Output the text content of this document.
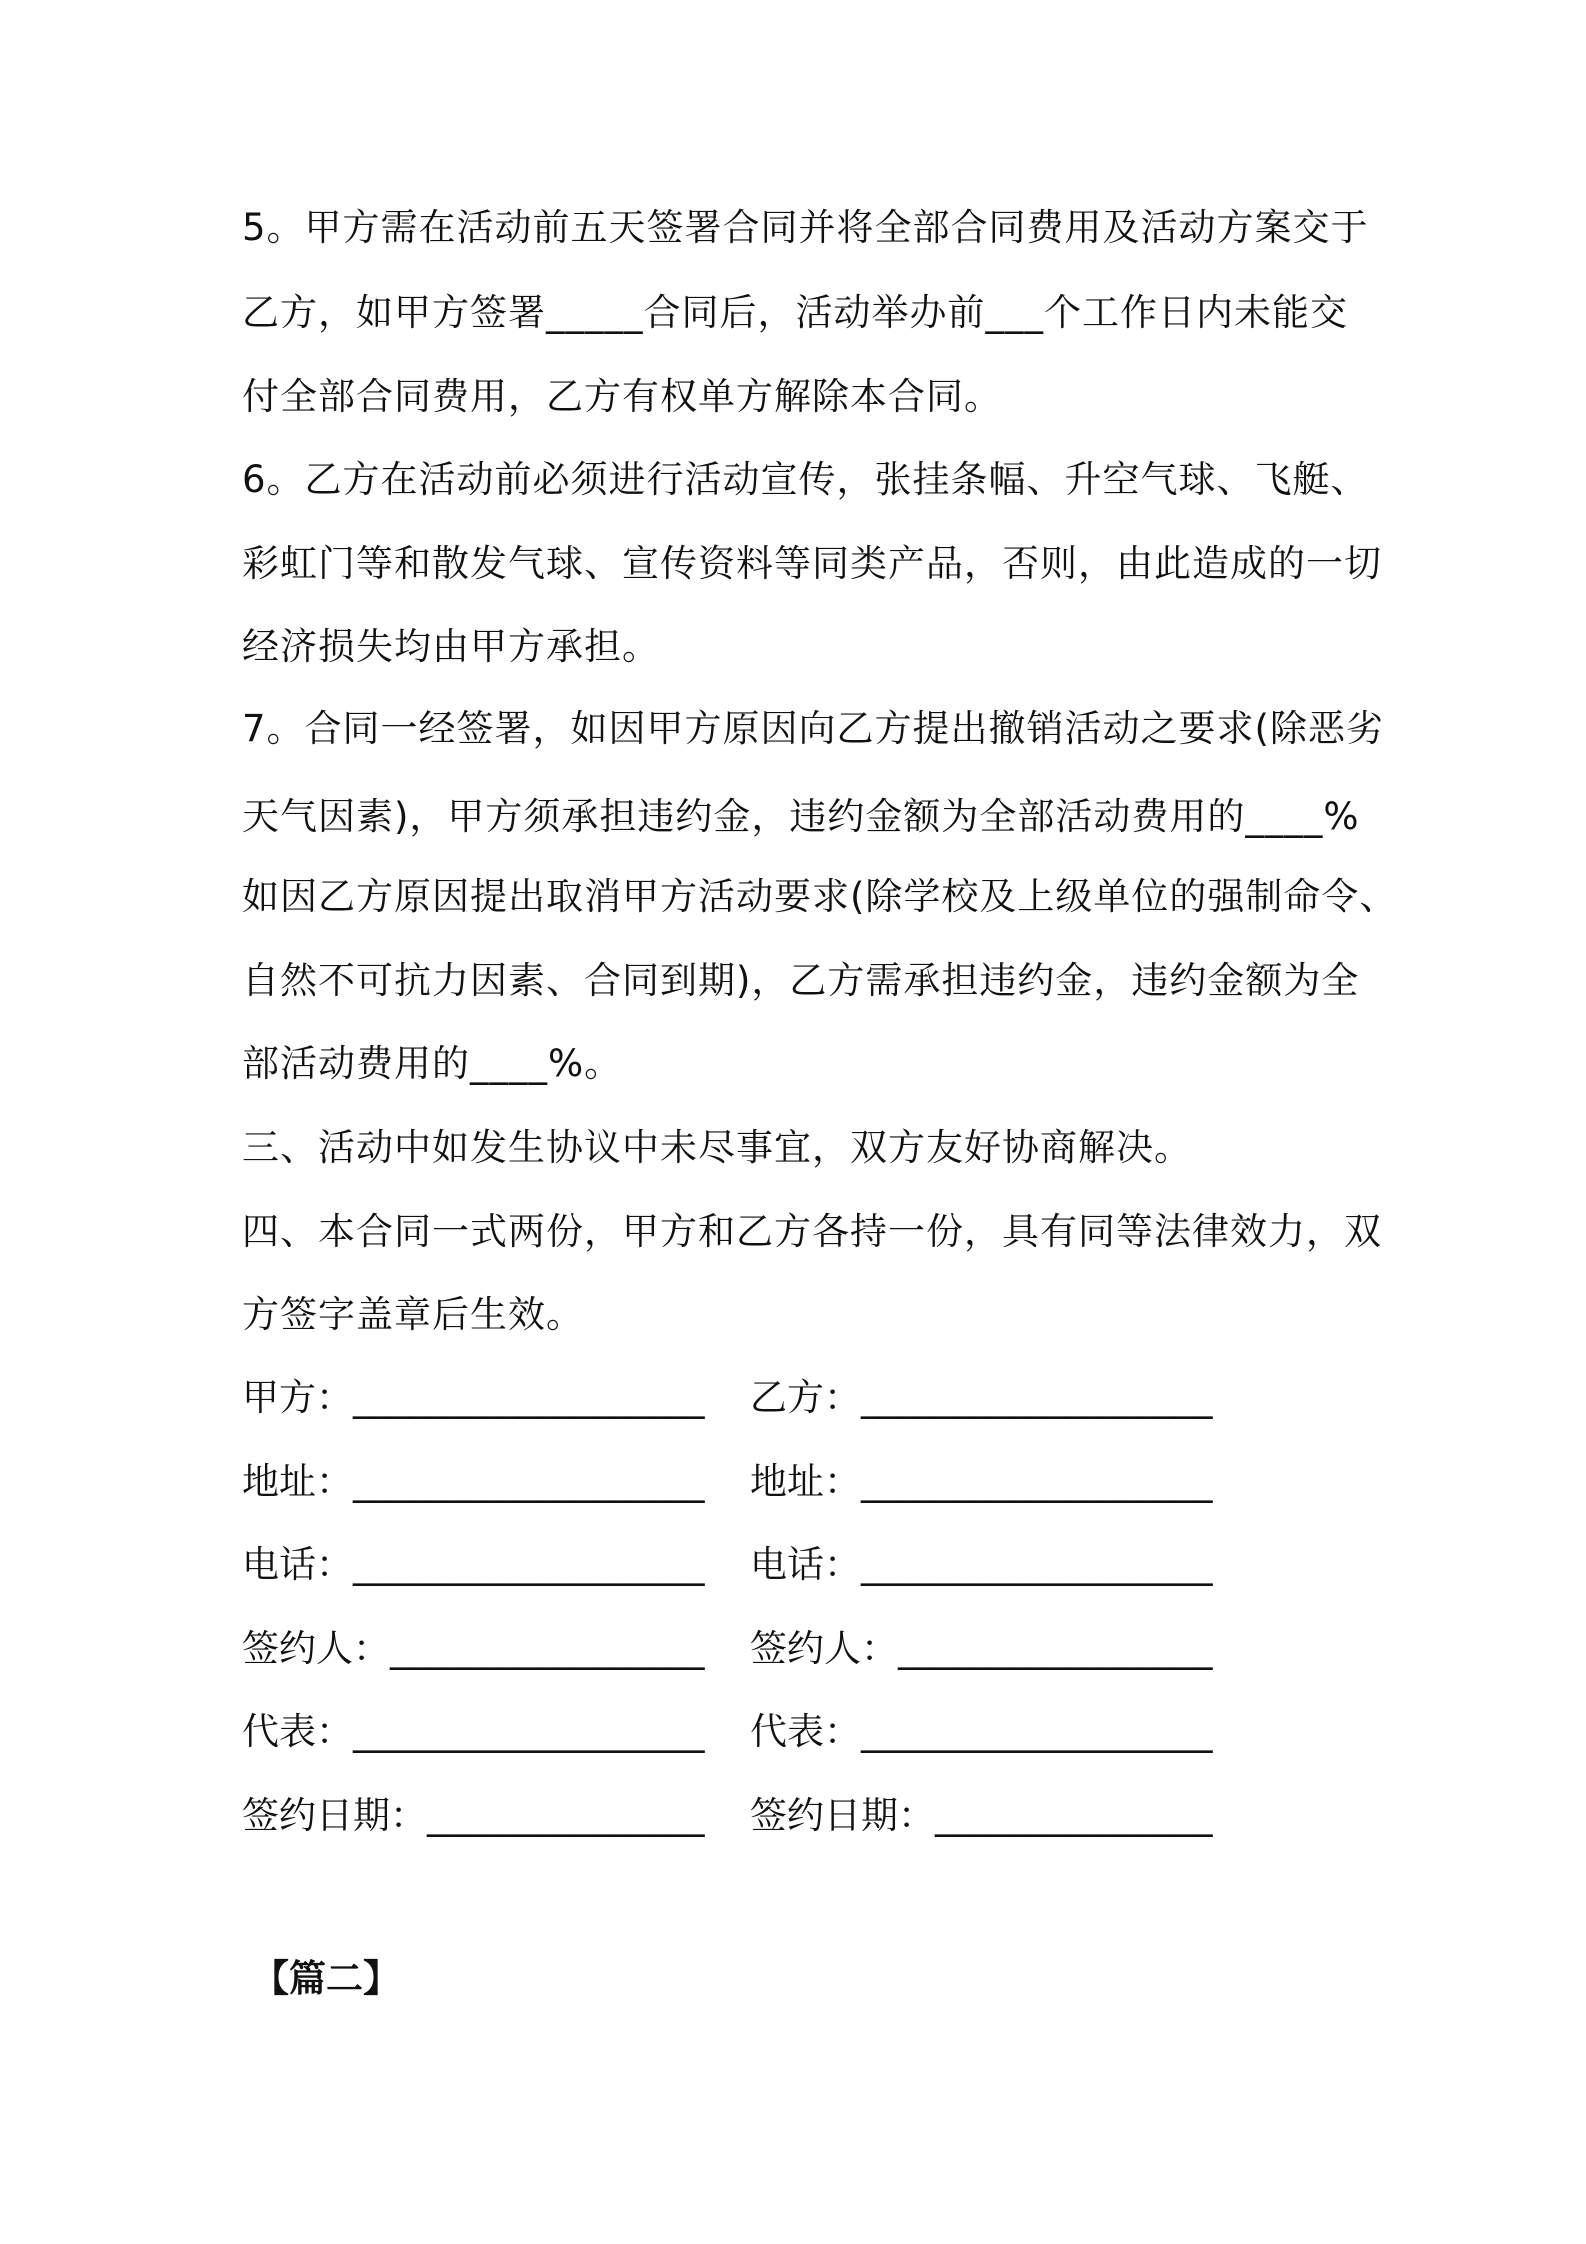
5。甲方需在活动前五天签署合同并将全部合同费用及活动方案交于
乙方，如甲方签署_____合同后，活动举办前___个工作日内未能交
付全部合同费用，乙方有权单方解除本合同。
6。乙方在活动前必须进行活动宣传，张挂条幅、升空气球、飞艇、
彩虹门等和散发气球、宣传资料等同类产品，否则，由此造成的一切
经济损失均由甲方承担。
7。合同一经签署，如因甲方原因向乙方提出撤销活动之要求(除恶劣
天气因素)，甲方须承担违约金，违约金额为全部活动费用的____%
如因乙方原因提出取消甲方活动要求(除学校及上级单位的强制命令、
自然不可抗力因素、合同到期)，乙方需承担违约金，违约金额为全
部活动费用的____%。
三、活动中如发生协议中未尽事宜，双方友好协商解决。
四、本合同一式两份，甲方和乙方各持一份，具有同等法律效力，双
方签字盖章后生效。

甲方：___________________

乙方：___________________

地址：___________________

地址：___________________

电话：___________________

电话：___________________

签约人：_________________

签约人：_________________

代表：___________________

代表：___________________

签约日期：_______________

签约日期：_______________

【篇二】
